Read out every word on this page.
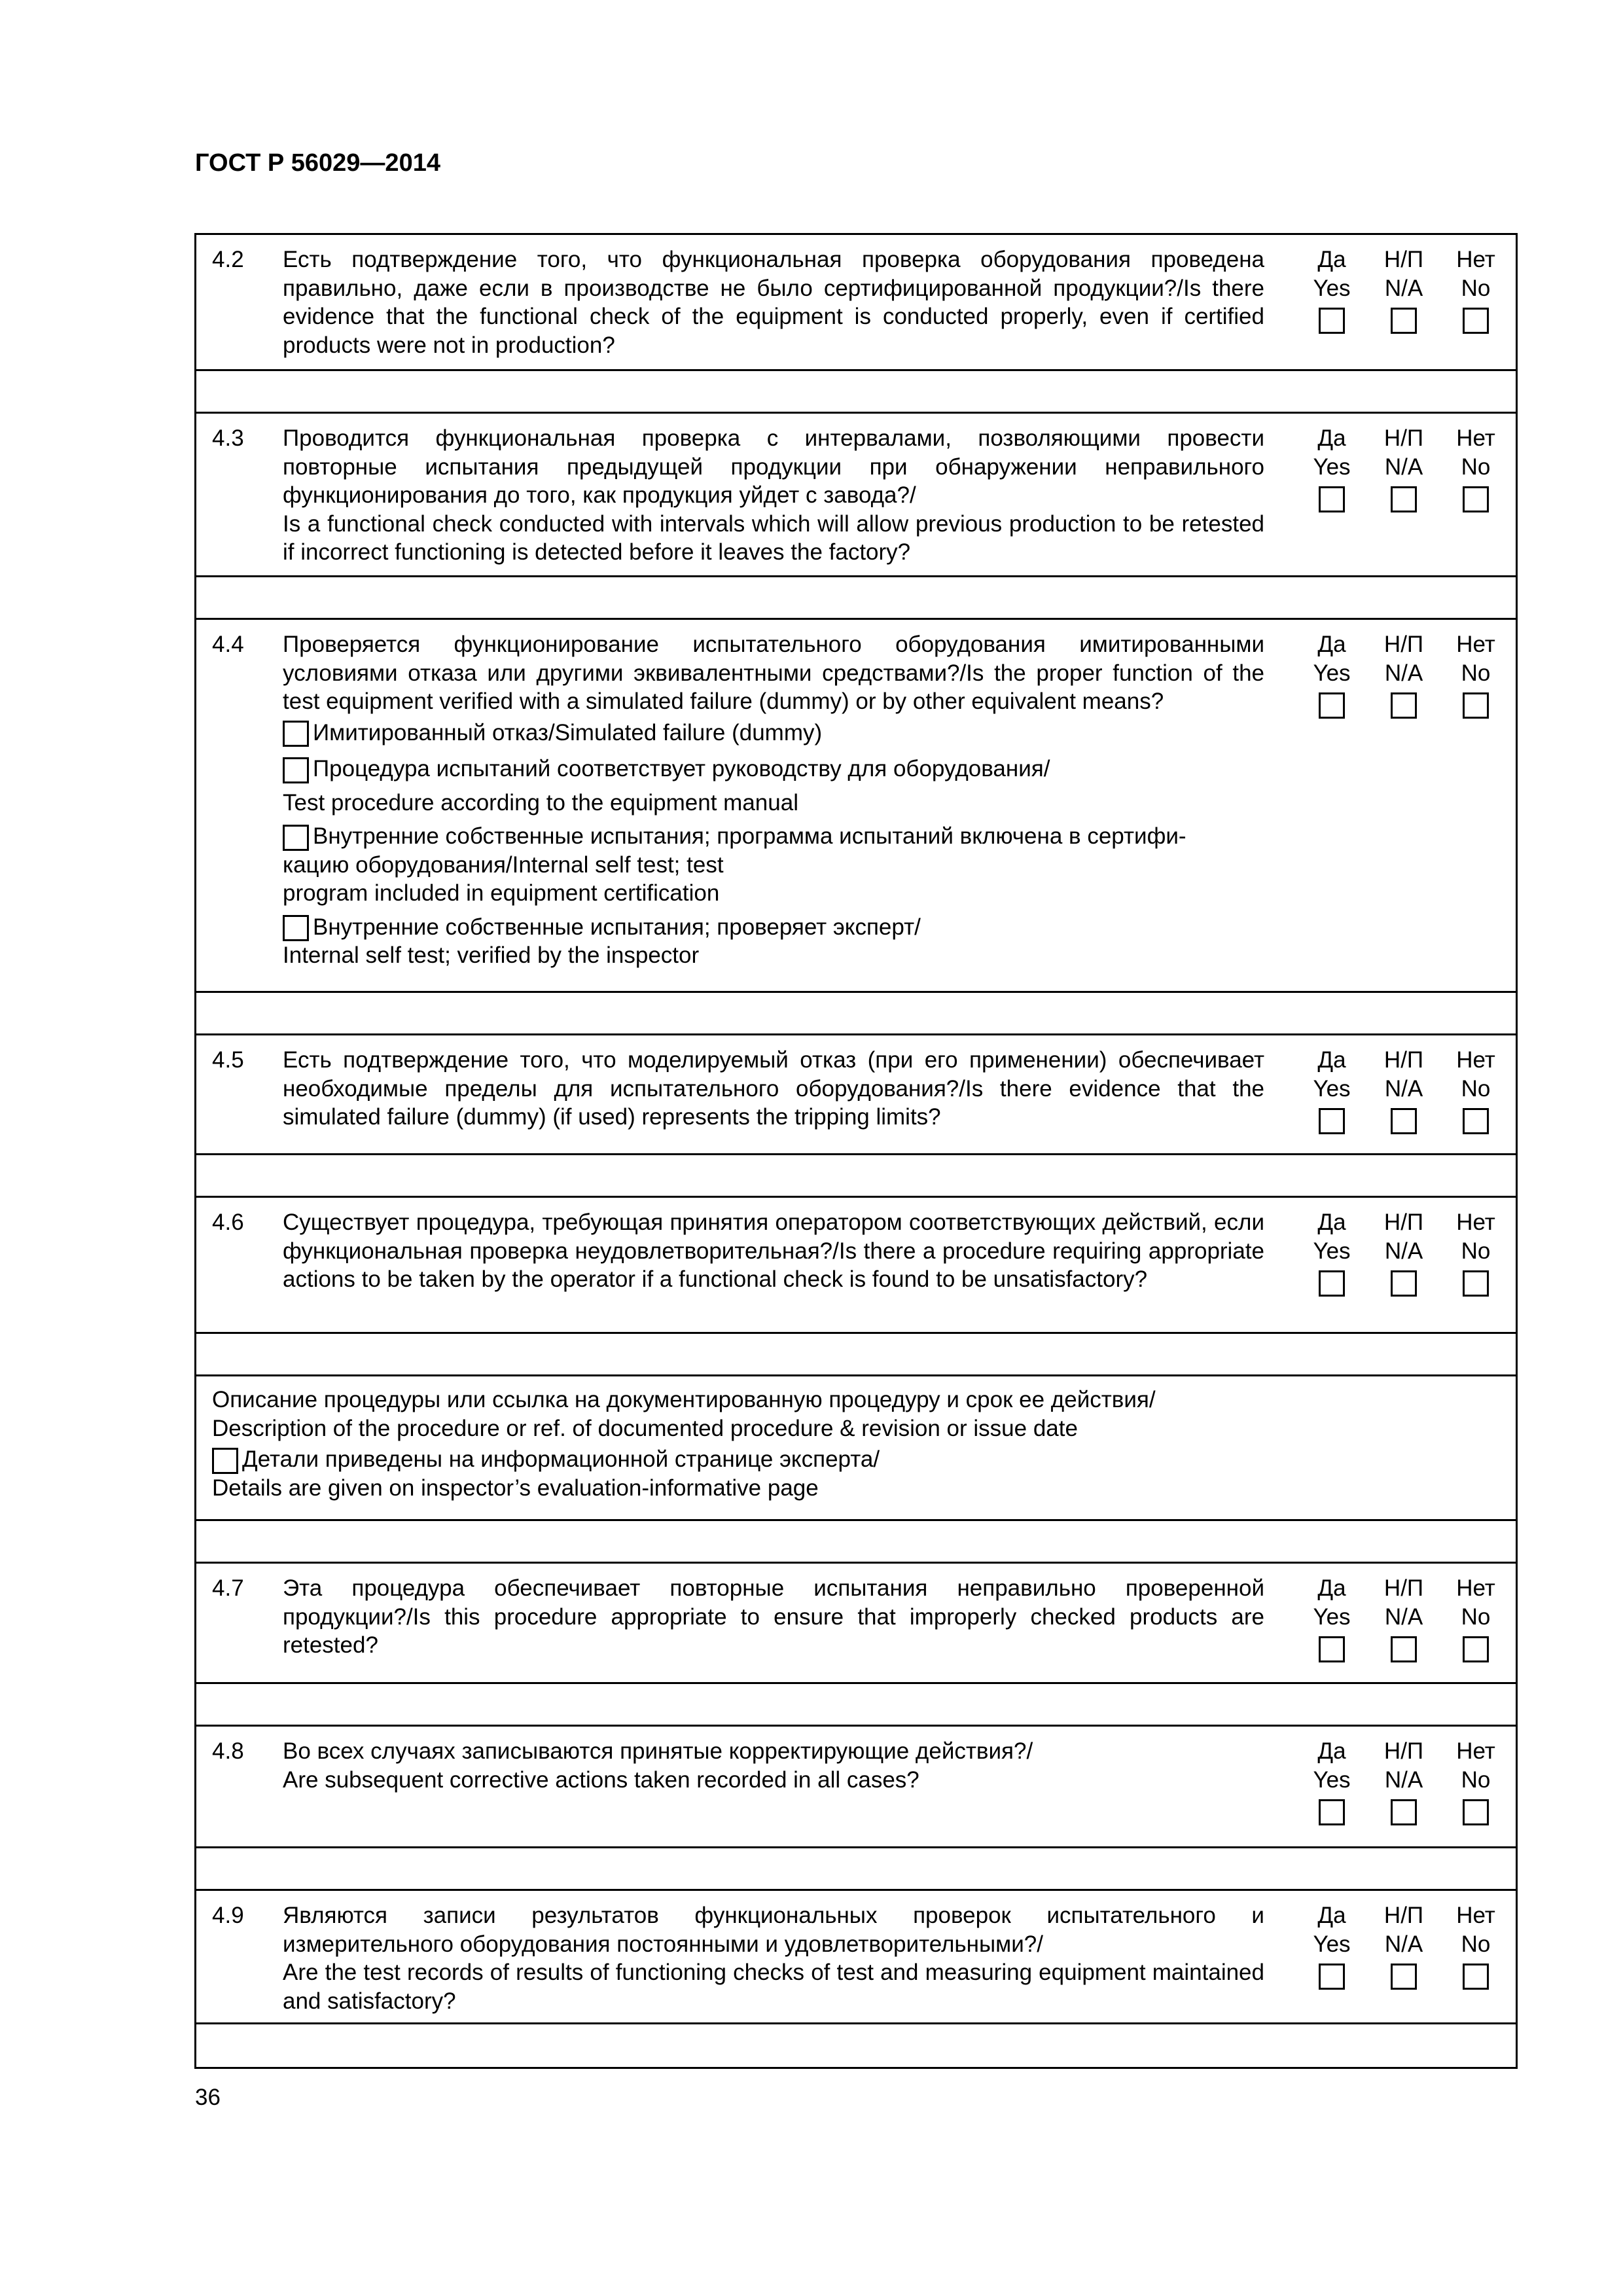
ГОСТ Р 56029—2014
4.2 Есть подтверждение того, что функциональная проверка оборудования проведена правильно, даже если в производстве не было сертифицированной продукции?/Is there evidence that the functional check of the equipment is conducted properly, even if certified products were not in production?
Да
Yes
Н/П
N/A
Нет
No
4.3 Проводится функциональная проверка с интервалами, позволяющими провести повторные испытания предыдущей продукции при обнаружении неправильного функционирования до того, как продукция уйдет с завода?/

Is a functional check conducted with intervals which will allow previous production to be retested if incorrect functioning is detected before it leaves the factory?

Да
Yes
Н/П
N/A
Нет
No
4.4 Проверяется функционирование испытательного оборудования имитированными условиями отказа или другими эквивалентными средствами?/Is the proper function of the test equipment verified with a simulated failure (dummy) or by other equivalent means?

Имитированный отказ/Simulated failure (dummy)
Процедура испытаний соответствует руководству для оборудования/

Test procedure according to the equipment manual

Внутренние собственные испытания; программа испытаний включена в сертифи-

кацию оборудования/Internal self test; test

program included in equipment certification

Внутренние собственные испытания; проверяет эксперт/

Internal self test; verified by the inspector

Да
Yes
Н/П
N/A
Нет
No
4.5 Есть подтверждение того, что моделируемый отказ (при его применении) обеспечивает необходимые пределы для испытательного оборудования?/Is there evidence that the simulated failure (dummy) (if used) represents the tripping limits?
Да
Yes
Н/П
N/A
Нет
No
4.6 Существует процедура, требующая принятия оператором соответствующих действий, если функциональная проверка неудовлетворительная?/Is there a procedure requiring appropriate actions to be taken by the operator if a functional check is found to be unsatisfactory?
Да
Yes
Н/П
N/A
Нет
No

Описание процедуры или ссылка на документированную процедуру и срок ее действия/

Description of the procedure or ref. of documented procedure & revision or issue date

Детали приведены на информационной странице эксперта/

Details are given on inspector’s evaluation-informative page

4.7 Эта процедура обеспечивает повторные испытания неправильно проверенной продукции?/Is this procedure appropriate to ensure that improperly checked products are retested?
Да
Yes
Н/П
N/A
Нет
No
4.8 Во всех случаях записываются принятые корректирующие действия?/

Are subsequent corrective actions taken recorded in all cases?

Да
Yes
Н/П
N/A
Нет
No
4.9 Являются записи результатов функциональных проверок испытательного и измерительного оборудования постоянными и удовлетворительными?/

Are the test records of results of functioning checks of test and measuring equipment maintained and satisfactory?

Да
Yes
Н/П
N/A
Нет
No
36
